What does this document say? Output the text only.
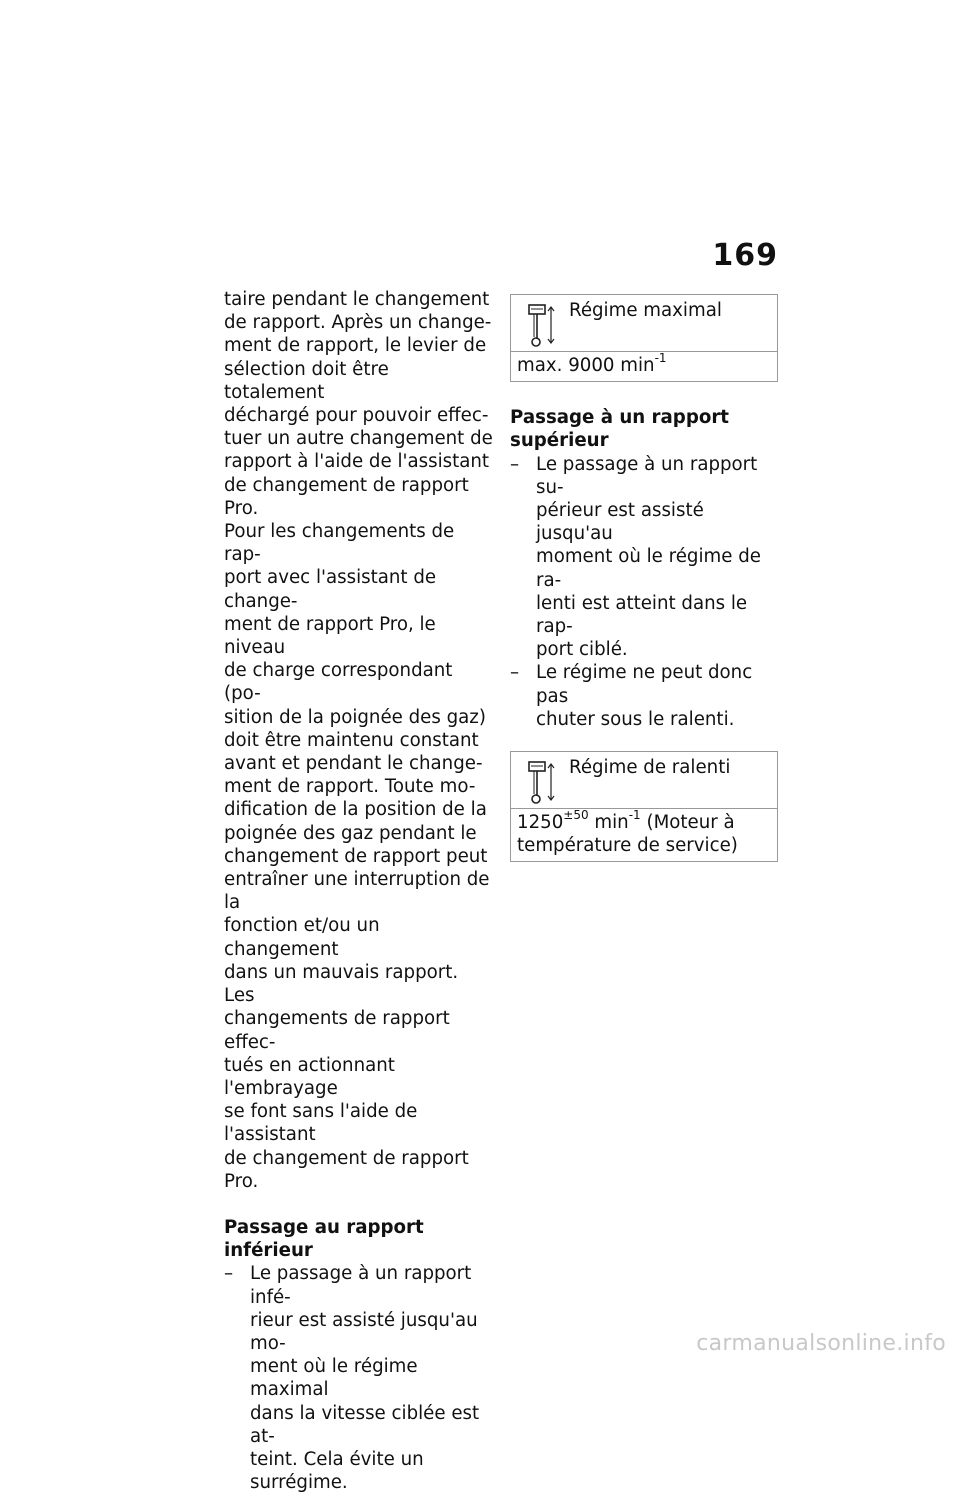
169

taire pendant le changement
de rapport. Après un change-
ment de rapport, le levier de
sélection doit être totalement
déchargé pour pouvoir effec-
tuer un autre changement de
rapport à l'aide de l'assistant
de changement de rapport Pro.
Pour les changements de rap-
port avec l'assistant de change-
ment de rapport Pro, le niveau
de charge correspondant (po-
sition de la poignée des gaz)
doit être maintenu constant
avant et pendant le change-
ment de rapport. Toute mo-
dification de la position de la
poignée des gaz pendant le
changement de rapport peut
entraîner une interruption de la
fonction et/ou un changement
dans un mauvais rapport. Les
changements de rapport effec-
tués en actionnant l'embrayage
se font sans l'aide de l'assistant
de changement de rapport Pro.

Passage au rapport inférieur

– Le passage à un rapport infé-
rieur est assisté jusqu'au mo-
ment où le régime maximal
dans la vitesse ciblée est at-
teint. Cela évite un surrégime.
Régime maximal
max. 9000 $\min^{-1}$

Passage à un rapport
supérieur

– Le passage à un rapport su-
périeur est assisté jusqu'au
moment où le régime de ra-
lenti est atteint dans le rap-
port ciblé.
– Le régime ne peut donc pas
chuter sous le ralenti.
Régime de ralenti
$1250^{\pm 50}$ $\min^{-1}$ (Moteur à
température de service)
carmanualsonline.info
